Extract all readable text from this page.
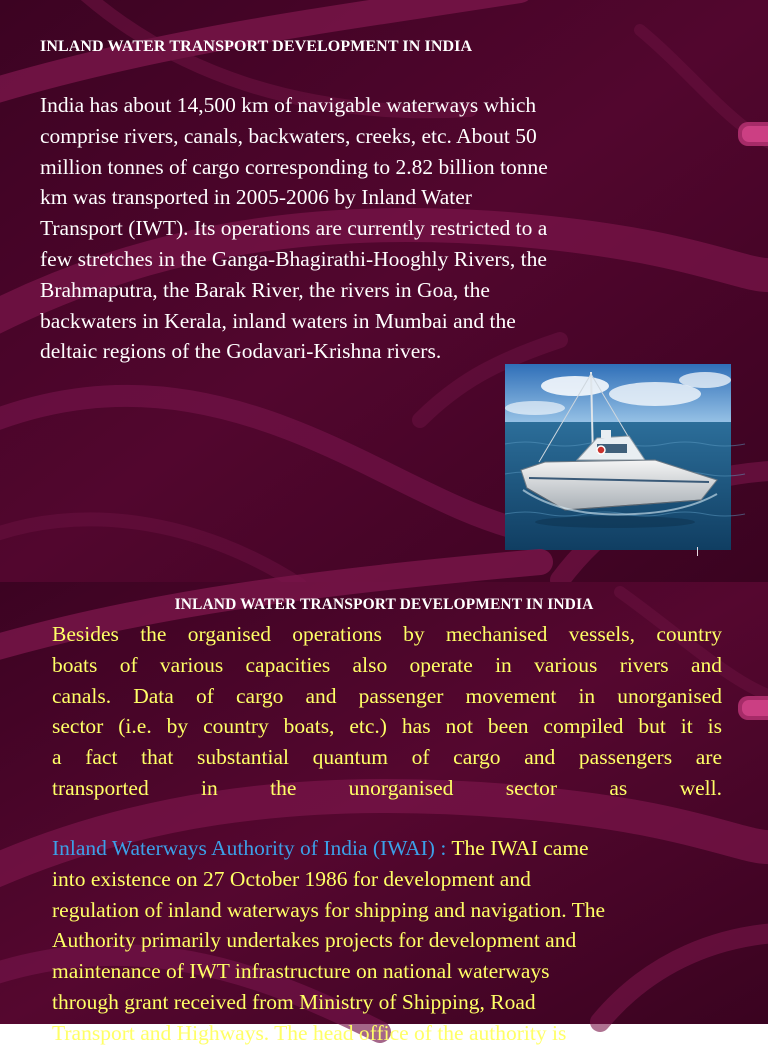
INLAND WATER TRANSPORT DEVELOPMENT IN INDIA

India has about 14,500 km of navigable waterways which
comprise rivers, canals, backwaters, creeks, etc. About 50
million tonnes of cargo corresponding to 2.82 billion tonne
km was transported in 2005-2006 by Inland Water
Transport (IWT). Its operations are currently restricted to a
few stretches in the Ganga-Bhagirathi-Hooghly Rivers, the
Brahmaputra, the Barak River, the rivers in Goa, the
backwaters in Kerala, inland waters in Mumbai and the
deltaic regions of the Godavari-Krishna rivers.

INLAND WATER TRANSPORT DEVELOPMENT IN INDIA

Besides the organised operations by mechanised vessels, country
boats of various capacities also operate in various rivers and
canals. Data of cargo and passenger movement in unorganised
sector (i.e. by country boats, etc.) has not been compiled but it is
a fact that substantial quantum of cargo and passengers are
transported in the unorganised sector as well.

Inland Waterways Authority of India (IWAI) : The IWAI came
into existence on 27 October 1986 for development and
regulation of inland waterways for shipping and navigation. The
Authority primarily undertakes projects for development and
maintenance of IWT infrastructure on national waterways
through grant received from Ministry of Shipping, Road
Transport and Highways. The head office of the authority is
